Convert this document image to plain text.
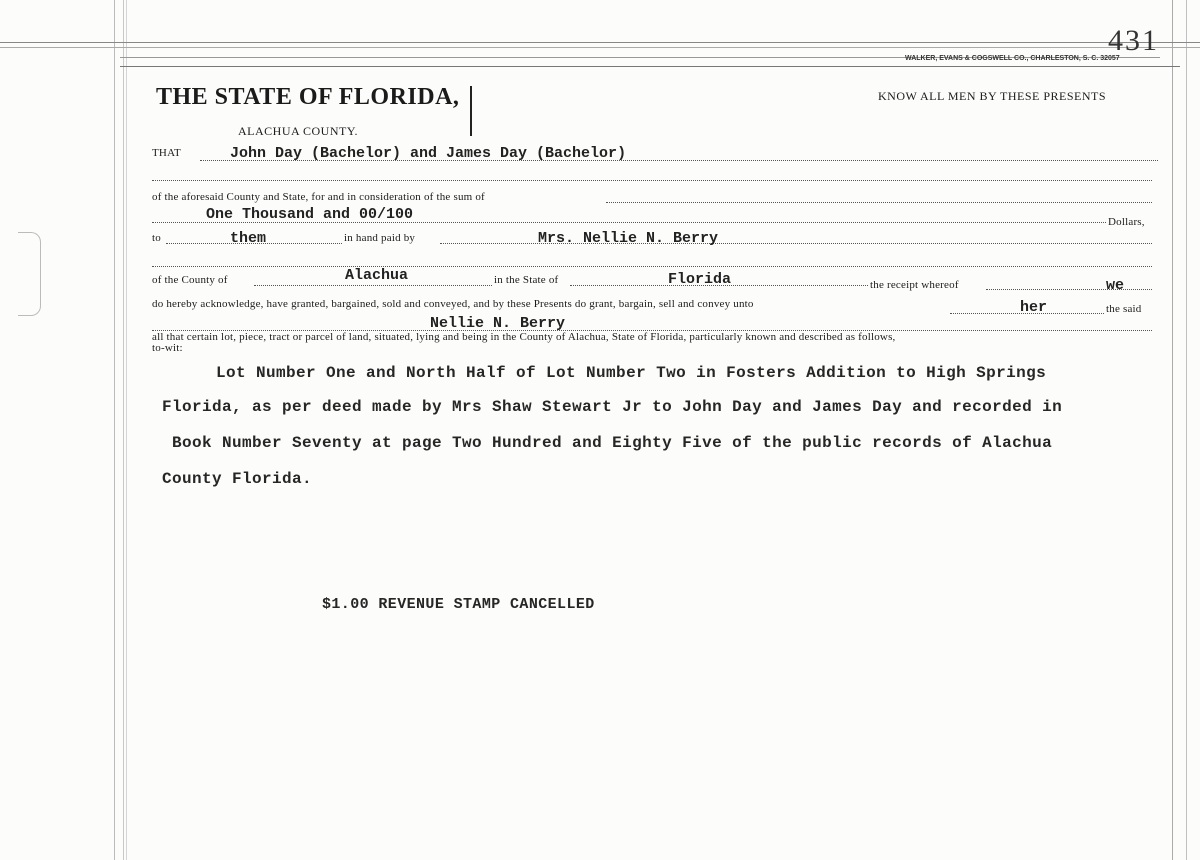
431
WALKER, EVANS & COGSWELL CO., CHARLESTON, S. C. 32057
THE STATE OF FLORIDA,
ALACHUA COUNTY.
KNOW ALL MEN BY THESE PRESENTS
THAT	John Day (Bachelor) and James Day (Bachelor)
of the aforesaid County and State, for and in consideration of the sum of
One Thousand and 00/100	Dollars,
to	them	in hand paid by	Mrs. Nellie N. Berry
of the County of	Alachua	in the State of	Florida	the receipt whereof	we
do hereby acknowledge, have granted, bargained, sold and conveyed, and by these Presents do grant, bargain, sell and convey unto	her	the said
Nellie N. Berry
all that certain lot, piece, tract or parcel of land, situated, lying and being in the County of Alachua, State of Florida, particularly known and described as follows,
to-wit:
Lot Number One and North Half of Lot Number Two in Fosters Addition to High Springs
Florida, as per deed made by Mrs Shaw Stewart Jr to John Day and James Day and recorded in
Book Number Seventy at page Two Hundred and Eighty Five of the public records of Alachua
County Florida.
$1.00 REVENUE STAMP CANCELLED
